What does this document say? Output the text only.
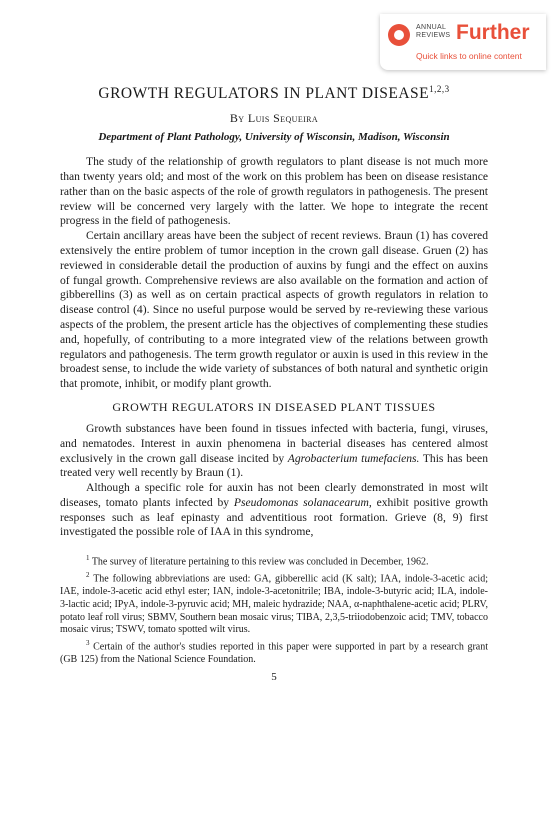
ANNUAL
REVIEWS Further
Quick links to online content
GROWTH REGULATORS IN PLANT DISEASE$^{1,2,3}$
By Luis Sequeira
Department of Plant Pathology, University of Wisconsin, Madison, Wisconsin

The study of the relationship of growth regulators to plant disease is not much more than twenty years old; and most of the work on this problem has been on disease resistance rather than on the basic aspects of the role of growth regulators in pathogenesis. The present review will be concerned very largely with the latter. We hope to integrate the recent progress in the field of pathogenesis.

Certain ancillary areas have been the subject of recent reviews. Braun (1) has covered extensively the entire problem of tumor inception in the crown gall disease. Gruen (2) has reviewed in considerable detail the production of auxins by fungi and the effect on auxins of fungal growth. Comprehensive reviews are also available on the formation and action of gibberellins (3) as well as on certain practical aspects of growth regulators in relation to disease control (4). Since no useful purpose would be served by re-reviewing these various aspects of the problem, the present article has the objectives of complementing these studies and, hopefully, of contributing to a more integrated view of the relations between growth regulators and pathogenesis. The term growth regulator or auxin is used in this review in the broadest sense, to include the wide variety of substances of both natural and synthetic origin that promote, inhibit, or modify plant growth.

GROWTH REGULATORS IN DISEASED PLANT TISSUES

Growth substances have been found in tissues infected with bacteria, fungi, viruses, and nematodes. Interest in auxin phenomena in bacterial diseases has centered almost exclusively in the crown gall disease incited by Agrobacterium tumefaciens. This has been treated very well recently by Braun (1).

Although a specific role for auxin has not been clearly demonstrated in most wilt diseases, tomato plants infected by Pseudomonas solanacearum, exhibit positive growth responses such as leaf epinasty and adventitious root formation. Grieve (8, 9) first investigated the possible role of IAA in this syndrome,

$^1$ The survey of literature pertaining to this review was concluded in December, 1962.

$^2$ The following abbreviations are used: GA, gibberellic acid (K salt); IAA, indole-3-acetic acid; IAE, indole-3-acetic acid ethyl ester; IAN, indole-3-acetonitrile; IBA, indole-3-butyric acid; ILA, indole-3-lactic acid; IPyA, indole-3-pyruvic acid; MH, maleic hydrazide; NAA, α-naphthalene-acetic acid; PLRV, potato leaf roll virus; SBMV, Southern bean mosaic virus; TIBA, 2,3,5-triiodobenzoic acid; TMV, tobacco mosaic virus; TSWV, tomato spotted wilt virus.

$^3$ Certain of the author's studies reported in this paper were supported in part by a research grant (GB 125) from the National Science Foundation.

5
